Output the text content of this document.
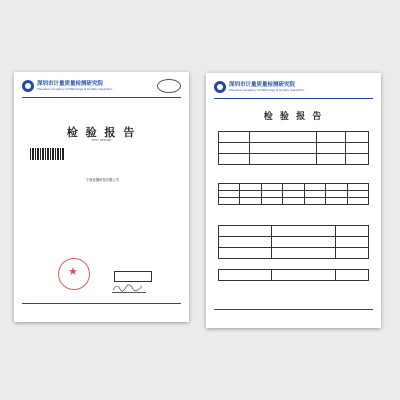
深圳市计量质量检测研究院
Shenzhen Academy of Metrology & Quality Inspection
检 验 报 告
TEST REPORT
宁波佳馨科技有限公司
★
深圳市计量质量检测研究院
Shenzhen Academy of Metrology & Quality Inspection
检 验 报 告
